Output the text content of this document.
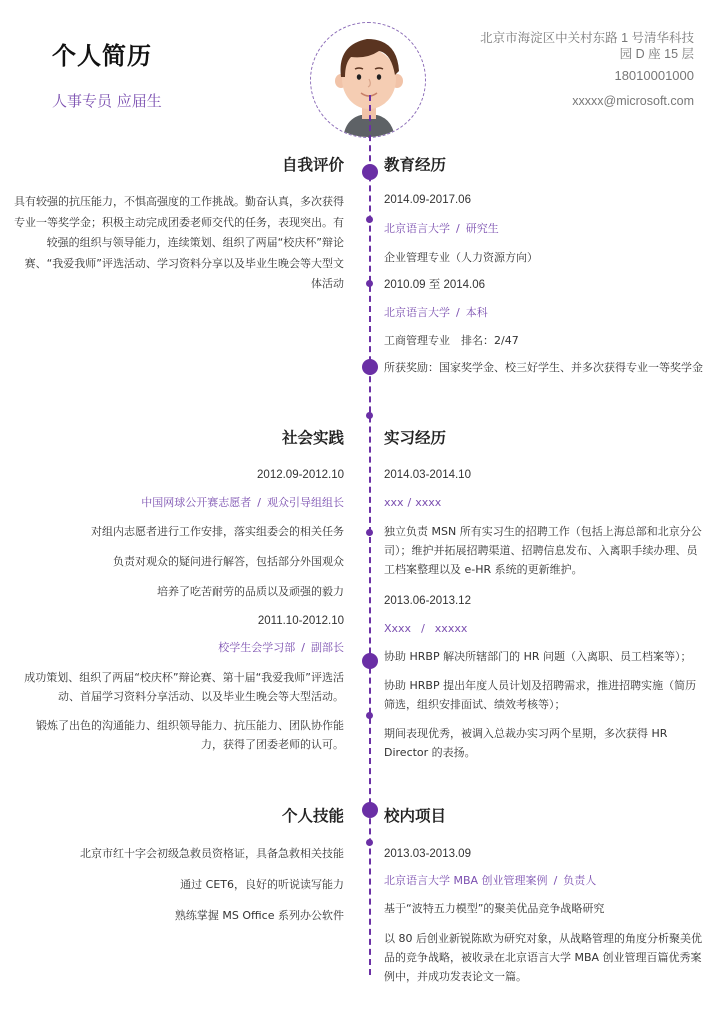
个人简历
人事专员 应届生
北京市海淀区中关村东路 1 号清华科技园 D 座 15 层
18010001000
xxxxx@microsoft.com
自我评价
具有较强的抗压能力，不惧高强度的工作挑战。勤奋认真，多次获得专业一等奖学金；积极主动完成团委老师交代的任务，表现突出。有较强的组织与领导能力，连续策划、组织了两届“校庆杯”辩论赛、“我爱我师”评选活动、学习资料分享以及毕业生晚会等大型文体活动
教育经历
2014.09-2017.06
北京语言大学 / 研究生
企业管理专业（人力资源方向）
2010.09 至 2014.06
北京语言大学 / 本科
工商管理专业　排名：2/47
所获奖励：国家奖学金、校三好学生、并多次获得专业一等奖学金
社会实践
2012.09-2012.10
中国网球公开赛志愿者 / 观众引导组组长
对组内志愿者进行工作安排，落实组委会的相关任务
负责对观众的疑问进行解答，包括部分外国观众
培养了吃苦耐劳的品质以及顽强的毅力
2011.10-2012.10
校学生会学习部 / 副部长
成功策划、组织了两届“校庆杯”辩论赛、第十届“我爱我师”评选活动、首届学习资料分享活动、以及毕业生晚会等大型活动。
锻炼了出色的沟通能力、组织领导能力、抗压能力、团队协作能力，获得了团委老师的认可。
实习经历
2014.03-2014.10
xxx / xxxx
独立负责 MSN 所有实习生的招聘工作（包括上海总部和北京分公司）；维护并拓展招聘渠道、招聘信息发布、入离职手续办理、员工档案整理以及 e-HR 系统的更新维护。
2013.06-2013.12
Xxxx / xxxxx
协助 HRBP 解决所辖部门的 HR 问题（入离职、员工档案等）；
协助 HRBP 提出年度人员计划及招聘需求，推进招聘实施（简历筛选，组织安排面试、绩效考核等）；
期间表现优秀，被调入总裁办实习两个星期，多次获得 HR Director 的表扬。
个人技能
北京市红十字会初级急救员资格证，具备急救相关技能
通过 CET6，良好的听说读写能力
熟练掌握 MS Office 系列办公软件
校内项目
2013.03-2013.09
北京语言大学 MBA 创业管理案例 / 负责人
基于“波特五力模型”的聚美优品竞争战略研究
以 80 后创业新锐陈欧为研究对象，从战略管理的角度分析聚美优品的竞争战略，被收录在北京语言大学 MBA 创业管理百篇优秀案例中，并成功发表论文一篇。
